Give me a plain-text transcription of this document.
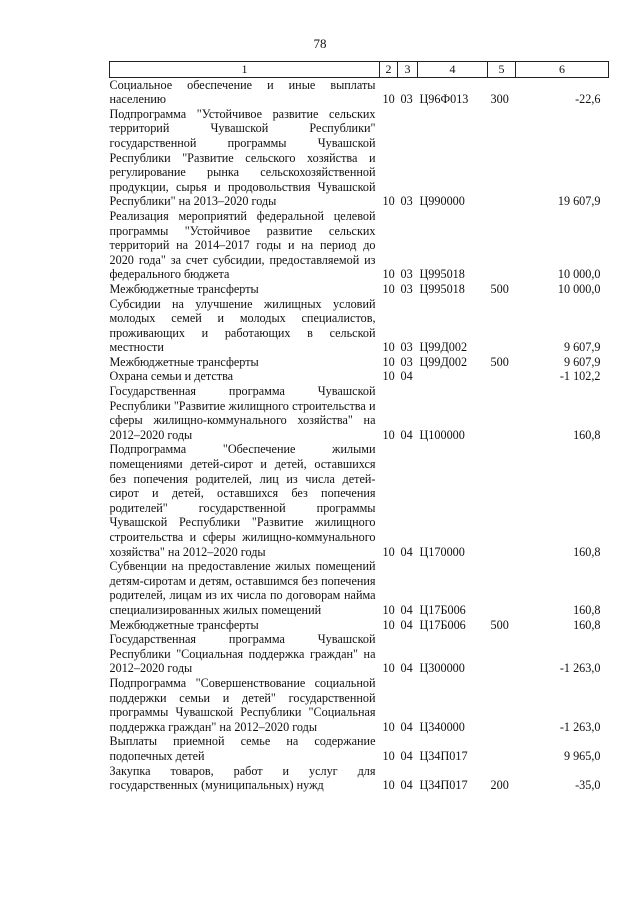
78
1	2	3	4	5	6
Социальное обеспечение и иные выплаты населению	10	03	Ц96Ф013	300	-22,6
Подпрограмма "Устойчивое развитие сельских территорий Чувашской Республики" государственной программы Чувашской Республики "Развитие сельского хозяйства и регулирование рынка сельскохозяйственной продукции, сырья и продовольствия Чувашской Республики" на 2013–2020 годы	10	03	Ц990000		19 607,9
Реализация мероприятий федеральной целевой программы "Устойчивое развитие сельских территорий на 2014–2017 годы и на период до 2020 года" за счет субсидии, предоставляемой из федерального бюджета	10	03	Ц995018		10 000,0
Межбюджетные трансферты	10	03	Ц995018	500	10 000,0
Субсидии на улучшение жилищных условий молодых семей и молодых специалистов, проживающих и работающих в сельской местности	10	03	Ц99Д002		9 607,9
Межбюджетные трансферты	10	03	Ц99Д002	500	9 607,9
Охрана семьи и детства	10	04			-1 102,2
Государственная программа Чувашской Республики "Развитие жилищного строительства и сферы жилищно-коммунального хозяйства" на 2012–2020 годы	10	04	Ц100000		160,8
Подпрограмма "Обеспечение жилыми помещениями детей-сирот и детей, оставшихся без попечения родителей, лиц из числа детей-сирот и детей, оставшихся без попечения родителей" государственной программы Чувашской Республики "Развитие жилищного строительства и сферы жилищно-коммунального хозяйства" на 2012–2020 годы	10	04	Ц170000		160,8
Субвенции на предоставление жилых помещений детям-сиротам и детям, оставшимся без попечения родителей, лицам из их числа по договорам найма специализированных жилых помещений	10	04	Ц17Б006		160,8
Межбюджетные трансферты	10	04	Ц17Б006	500	160,8
Государственная программа Чувашской Республики "Социальная поддержка граждан" на 2012–2020 годы	10	04	Ц300000		-1 263,0
Подпрограмма "Совершенствование социальной поддержки семьи и детей" государственной программы Чувашской Республики "Социальная поддержка граждан" на 2012–2020 годы	10	04	Ц340000		-1 263,0
Выплаты приемной семье на содержание подопечных детей	10	04	Ц34П017		9 965,0
Закупка товаров, работ и услуг для государственных (муниципальных) нужд	10	04	Ц34П017	200	-35,0
